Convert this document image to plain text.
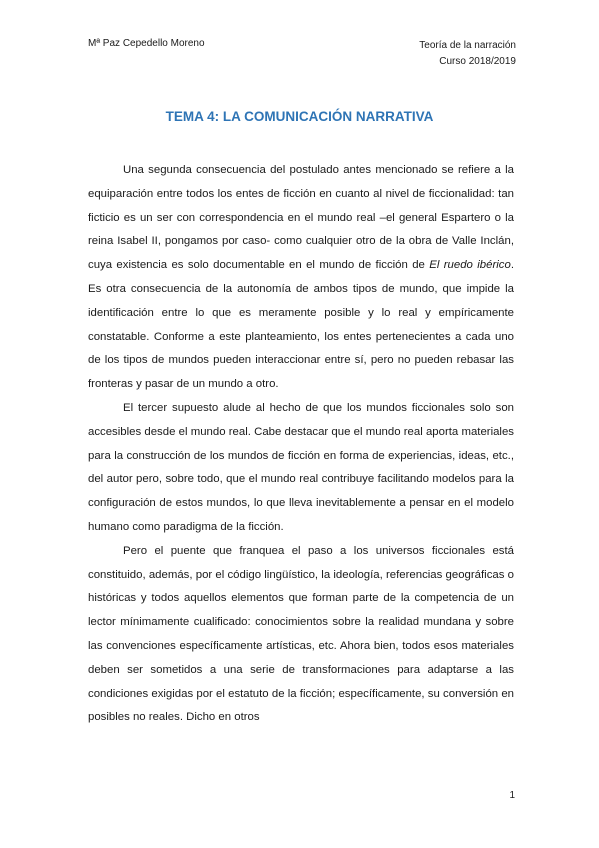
Mª Paz Cepedello Moreno	Teoría de la narración
Curso 2018/2019
TEMA 4: LA COMUNICACIÓN NARRATIVA

Una segunda consecuencia del postulado antes mencionado se refiere a la equiparación entre todos los entes de ficción en cuanto al nivel de ficcionalidad: tan ficticio es un ser con correspondencia en el mundo real –el general Espartero o la reina Isabel II, pongamos por caso- como cualquier otro de la obra de Valle Inclán, cuya existencia es solo documentable en el mundo de ficción de El ruedo ibérico. Es otra consecuencia de la autonomía de ambos tipos de mundo, que impide la identificación entre lo que es meramente posible y lo real y empíricamente constatable. Conforme a este planteamiento, los entes pertenecientes a cada uno de los tipos de mundos pueden interaccionar entre sí, pero no pueden rebasar las fronteras y pasar de un mundo a otro.

El tercer supuesto alude al hecho de que los mundos ficcionales solo son accesibles desde el mundo real. Cabe destacar que el mundo real aporta materiales para la construcción de los mundos de ficción en forma de experiencias, ideas, etc., del autor pero, sobre todo, que el mundo real contribuye facilitando modelos para la configuración de estos mundos, lo que lleva inevitablemente a pensar en el modelo humano como paradigma de la ficción.

Pero el puente que franquea el paso a los universos ficcionales está constituido, además, por el código lingüístico, la ideología, referencias geográficas o históricas y todos aquellos elementos que forman parte de la competencia de un lector mínimamente cualificado: conocimientos sobre la realidad mundana y sobre las convenciones específicamente artísticas, etc. Ahora bien, todos esos materiales deben ser sometidos a una serie de transformaciones para adaptarse a las condiciones exigidas por el estatuto de la ficción; específicamente, su conversión en posibles no reales. Dicho en otros

1
